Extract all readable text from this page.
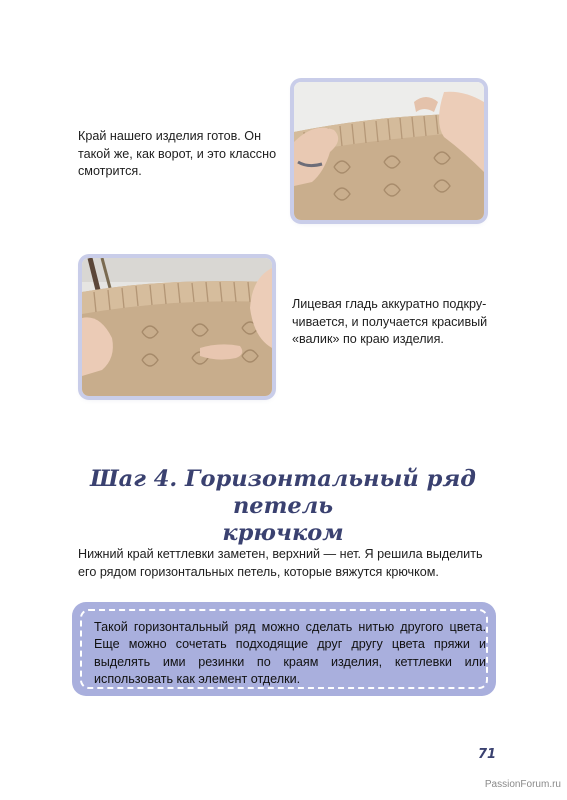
Край нашего изделия готов. Он
такой же, как ворот, и это классно
смотрится.

Лицевая гладь аккуратно подкру-
чивается, и получается красивый
«валик» по краю изделия.

Шаг 4. Горизонтальный ряд петель
крючком

Нижний край кеттлевки заметен, верхний — нет. Я решила выделить
его рядом горизонтальных петель, которые вяжутся крючком.

Такой горизонтальный ряд можно сделать нитью другого цвета. Еще можно сочетать подходящие друг другу цвета пряжи и выделять ими резинки по краям изделия, кеттлевки или использовать как элемент отделки.

71
PassionForum.ru
